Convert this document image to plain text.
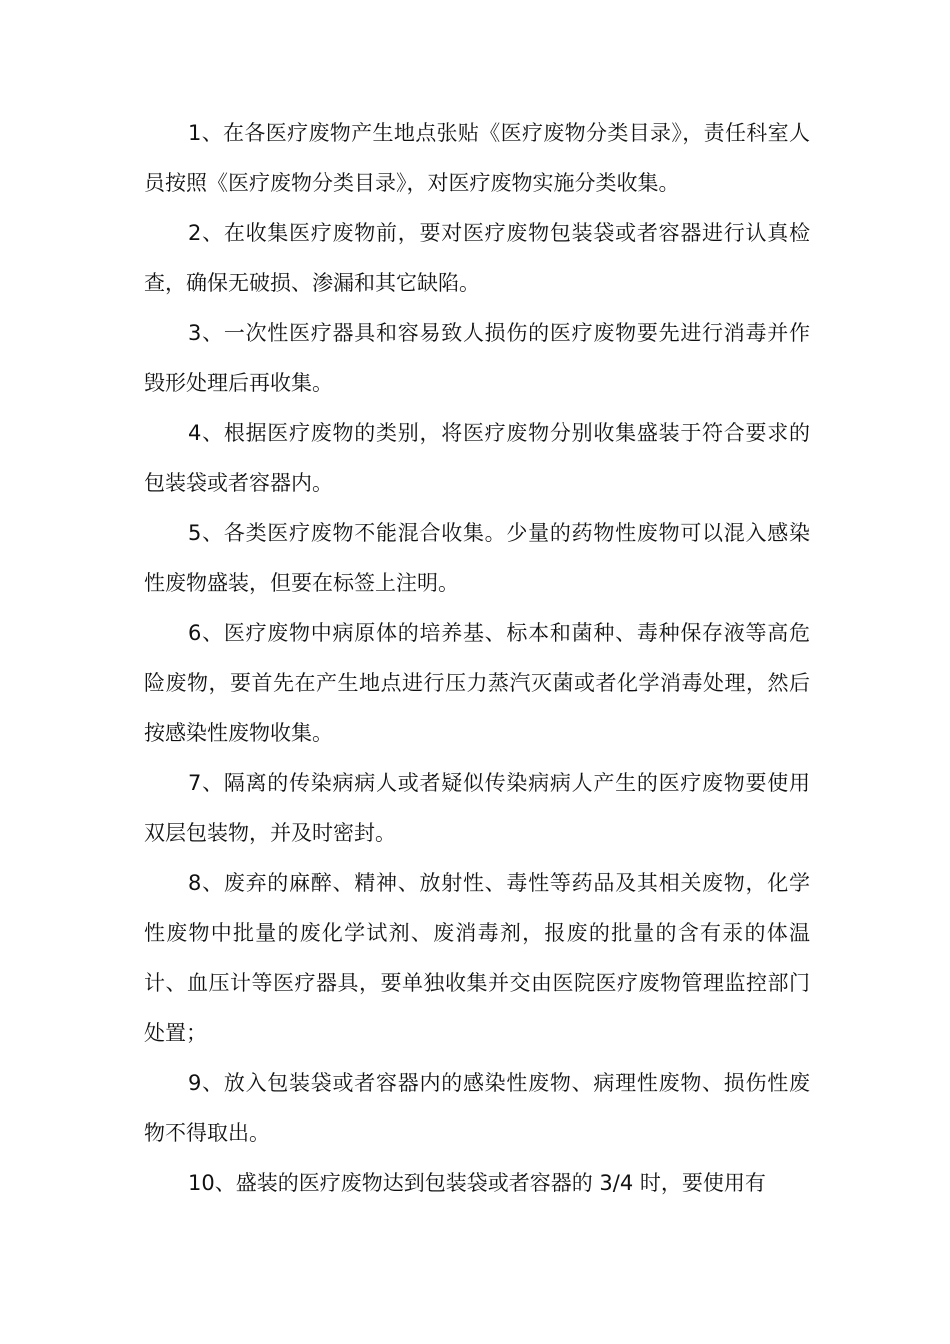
1、在各医疗废物产生地点张贴《医疗废物分类目录》，责任科室人员按照《医疗废物分类目录》，对医疗废物实施分类收集。

2、在收集医疗废物前，要对医疗废物包装袋或者容器进行认真检查，确保无破损、渗漏和其它缺陷。

3、一次性医疗器具和容易致人损伤的医疗废物要先进行消毒并作毁形处理后再收集。

4、根据医疗废物的类别，将医疗废物分别收集盛装于符合要求的包装袋或者容器内。

5、各类医疗废物不能混合收集。少量的药物性废物可以混入感染性废物盛装，但要在标签上注明。

6、医疗废物中病原体的培养基、标本和菌种、毒种保存液等高危险废物，要首先在产生地点进行压力蒸汽灭菌或者化学消毒处理，然后按感染性废物收集。

7、隔离的传染病病人或者疑似传染病病人产生的医疗废物要使用双层包装物，并及时密封。

8、废弃的麻醉、精神、放射性、毒性等药品及其相关废物，化学性废物中批量的废化学试剂、废消毒剂，报废的批量的含有汞的体温计、血压计等医疗器具，要单独收集并交由医院医疗废物管理监控部门处置；

9、放入包装袋或者容器内的感染性废物、病理性废物、损伤性废物不得取出。

10、盛装的医疗废物达到包装袋或者容器的 3/4 时，要使用有
